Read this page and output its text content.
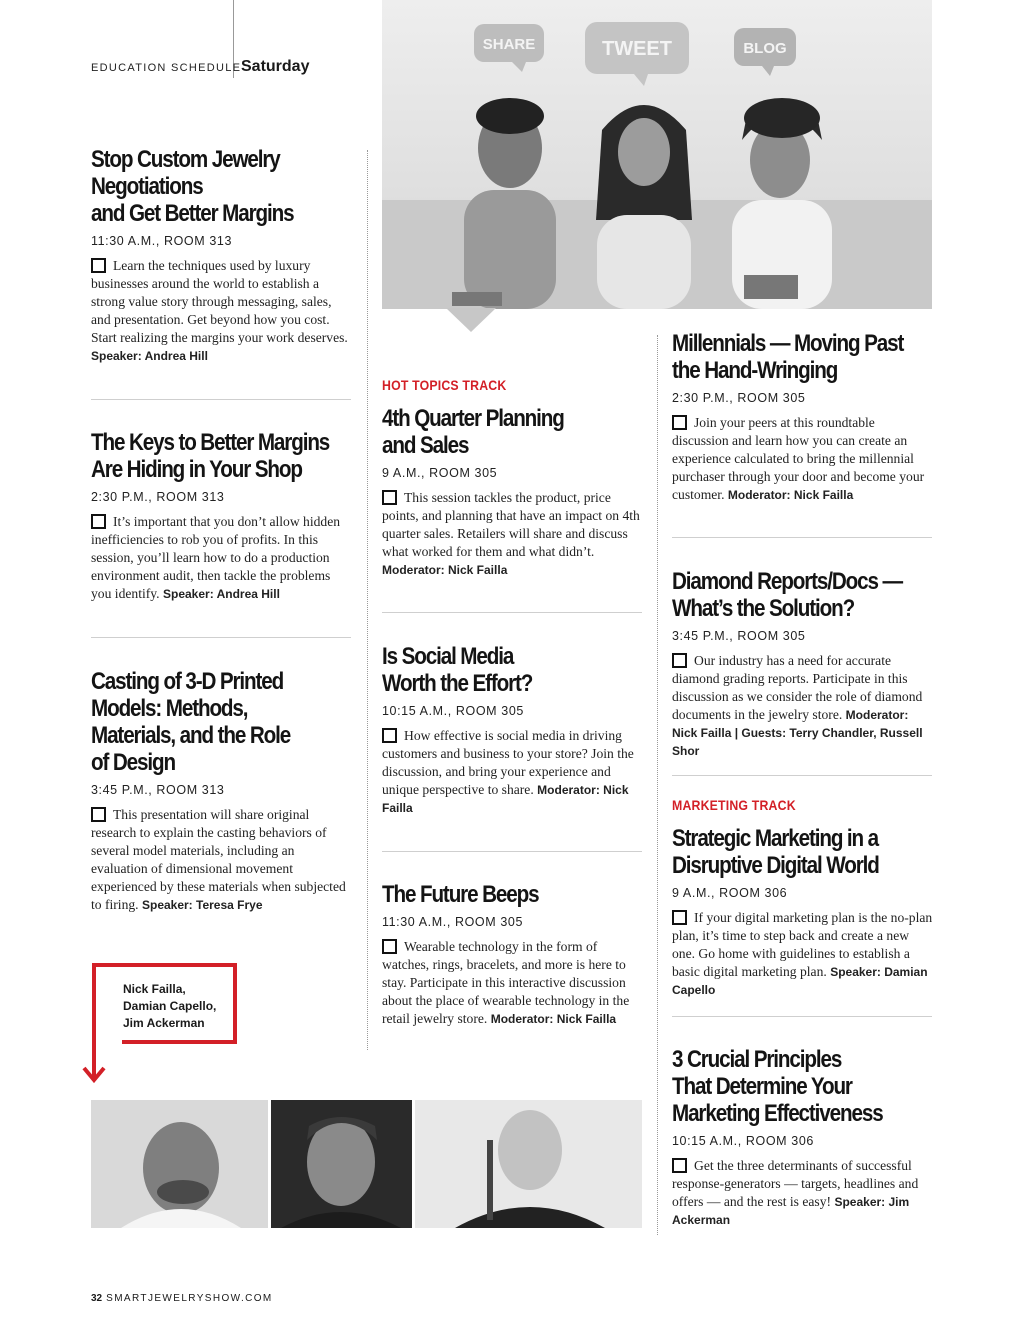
EDUCATION SCHEDULE Saturday
SHARE	TWEET	BLOG
Stop Custom Jewelry
Negotiations
and Get Better Margins
11:30 A.M., ROOM 313
Learn the techniques used by luxury businesses around the world to establish a strong value story through messaging, sales, and presentation. Get beyond how you cost. Start realizing the margins your work deserves. Speaker: Andrea Hill
The Keys to Better Margins
Are Hiding in Your Shop
2:30 P.M., ROOM 313
It’s important that you don’t allow hidden inefficiencies to rob you of profits. In this session, you’ll learn how to do a production environment audit, then tackle the problems you identify. Speaker: Andrea Hill
Casting of 3-D Printed
Models: Methods,
Materials, and the Role
of Design
3:45 P.M., ROOM 313
This presentation will share original research to explain the casting behaviors of several model materials, including an evaluation of dimensional movement experienced by these materials when subjected to firing. Speaker: Teresa Frye
Nick Failla,
Damian Capello,
Jim Ackerman
HOT TOPICS TRACK
4th Quarter Planning
and Sales
9 A.M., ROOM 305
This session tackles the product, price points, and planning that have an impact on 4th quarter sales. Retailers will share and discuss what worked for them and what didn’t. Moderator: Nick Failla
Is Social Media
Worth the Effort?
10:15 A.M., ROOM 305
How effective is social media in driving customers and business to your store? Join the discussion, and bring your experience and unique perspective to share. Moderator: Nick Failla
The Future Beeps
11:30 A.M., ROOM 305
Wearable technology in the form of watches, rings, bracelets, and more is here to stay. Participate in this interactive discussion about the place of wearable technology in the retail jewelry store. Moderator: Nick Failla
Millennials — Moving Past
the Hand-Wringing
2:30 P.M., ROOM 305
Join your peers at this roundtable discussion and learn how you can create an experience calculated to bring the millennial purchaser through your door and become your customer. Moderator: Nick Failla
Diamond Reports/Docs —
What’s the Solution?
3:45 P.M., ROOM 305
Our industry has a need for accurate diamond grading reports. Participate in this discussion as we consider the role of diamond documents in the jewelry store. Moderator: Nick Failla | Guests: Terry Chandler, Russell Shor
MARKETING TRACK
Strategic Marketing in a
Disruptive Digital World
9 A.M., ROOM 306
If your digital marketing plan is the no-plan plan, it’s time to step back and create a new one. Go home with guidelines to establish a basic digital marketing plan. Speaker: Damian Capello
3 Crucial Principles
That Determine Your
Marketing Effectiveness
10:15 A.M., ROOM 306
Get the three determinants of successful response-generators — targets, headlines and offers — and the rest is easy! Speaker: Jim Ackerman
32 SMARTJEWELRYSHOW.COM
